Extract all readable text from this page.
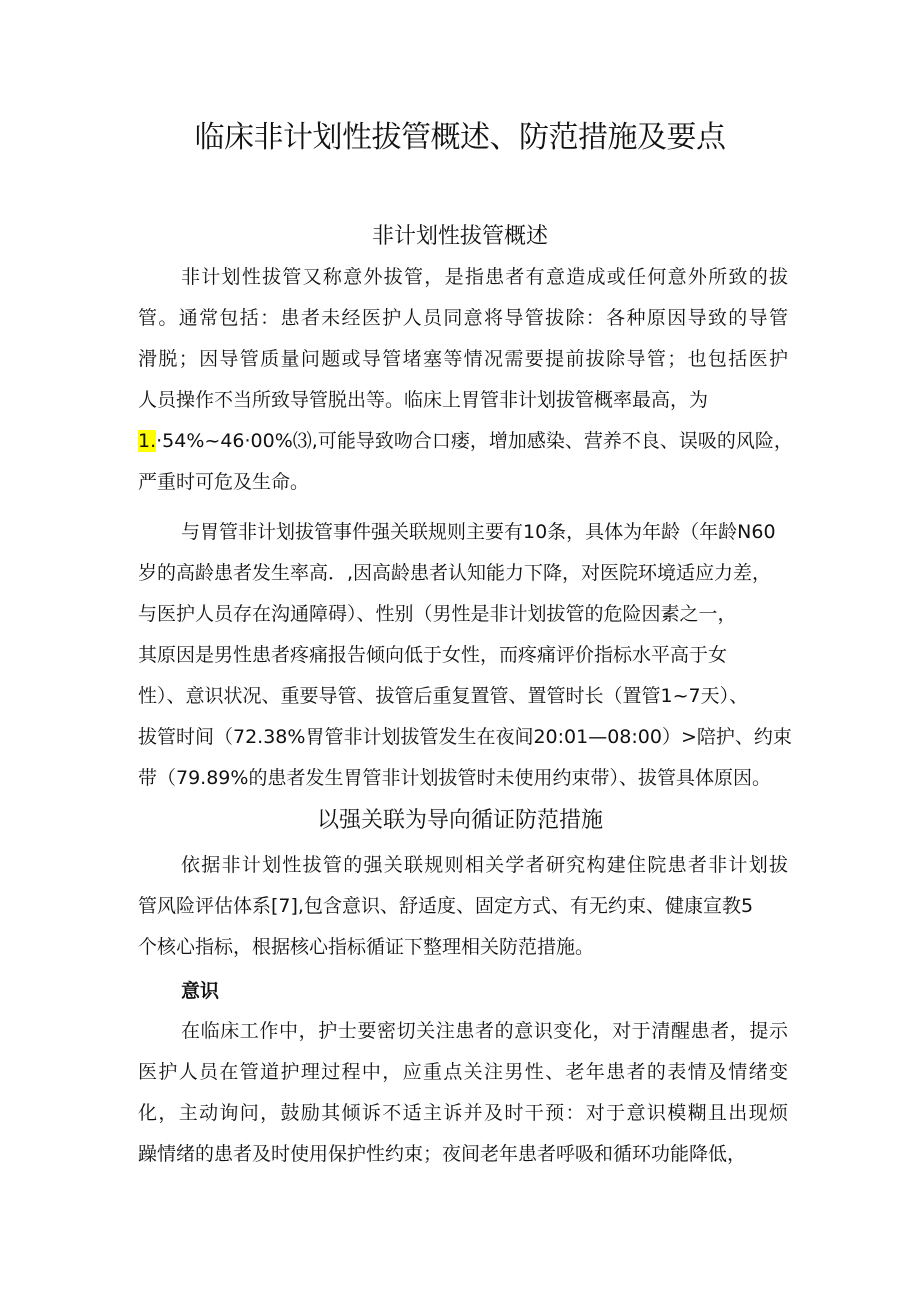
临床非计划性拔管概述、防范措施及要点
非计划性拔管概述
非计划性拔管又称意外拔管，是指患者有意造成或任何意外所致的拔
管。通常包括：患者未经医护人员同意将导管拔除：各种原因导致的导管
滑脱；因导管质量问题或导管堵塞等情况需要提前拔除导管；也包括医护
人员操作不当所致导管脱出等。临床上胃管非计划拔管概率最高，为
1.·54%~46·00%⑶,可能导致吻合口瘘，增加感染、营养不良、误吸的风险，
严重时可危及生命。
与胃管非计划拔管事件强关联规则主要有10条，具体为年龄（年龄N60
岁的高龄患者发生率高．,因高龄患者认知能力下降，对医院环境适应力差，
与医护人员存在沟通障碍）、性别（男性是非计划拔管的危险因素之一，
其原因是男性患者疼痛报告倾向低于女性，而疼痛评价指标水平高于女
性）、意识状况、重要导管、拔管后重复置管、置管时长（置管1~7天）、
拔管时间（72.38%胃管非计划拔管发生在夜间20:01—08:00）>陪护、约束
带（79.89%的患者发生胃管非计划拔管时未使用约束带）、拔管具体原因。
以强关联为导向循证防范措施
依据非计划性拔管的强关联规则相关学者研究构建住院患者非计划拔
管风险评估体系[7],包含意识、舒适度、固定方式、有无约束、健康宣教5
个核心指标，根据核心指标循证下整理相关防范措施。
意识
在临床工作中，护士要密切关注患者的意识变化，对于清醒患者，提示
医护人员在管道护理过程中，应重点关注男性、老年患者的表情及情绪变
化，主动询问，鼓励其倾诉不适主诉并及时干预：对于意识模糊且出现烦
躁情绪的患者及时使用保护性约束；夜间老年患者呼吸和循环功能降低，
